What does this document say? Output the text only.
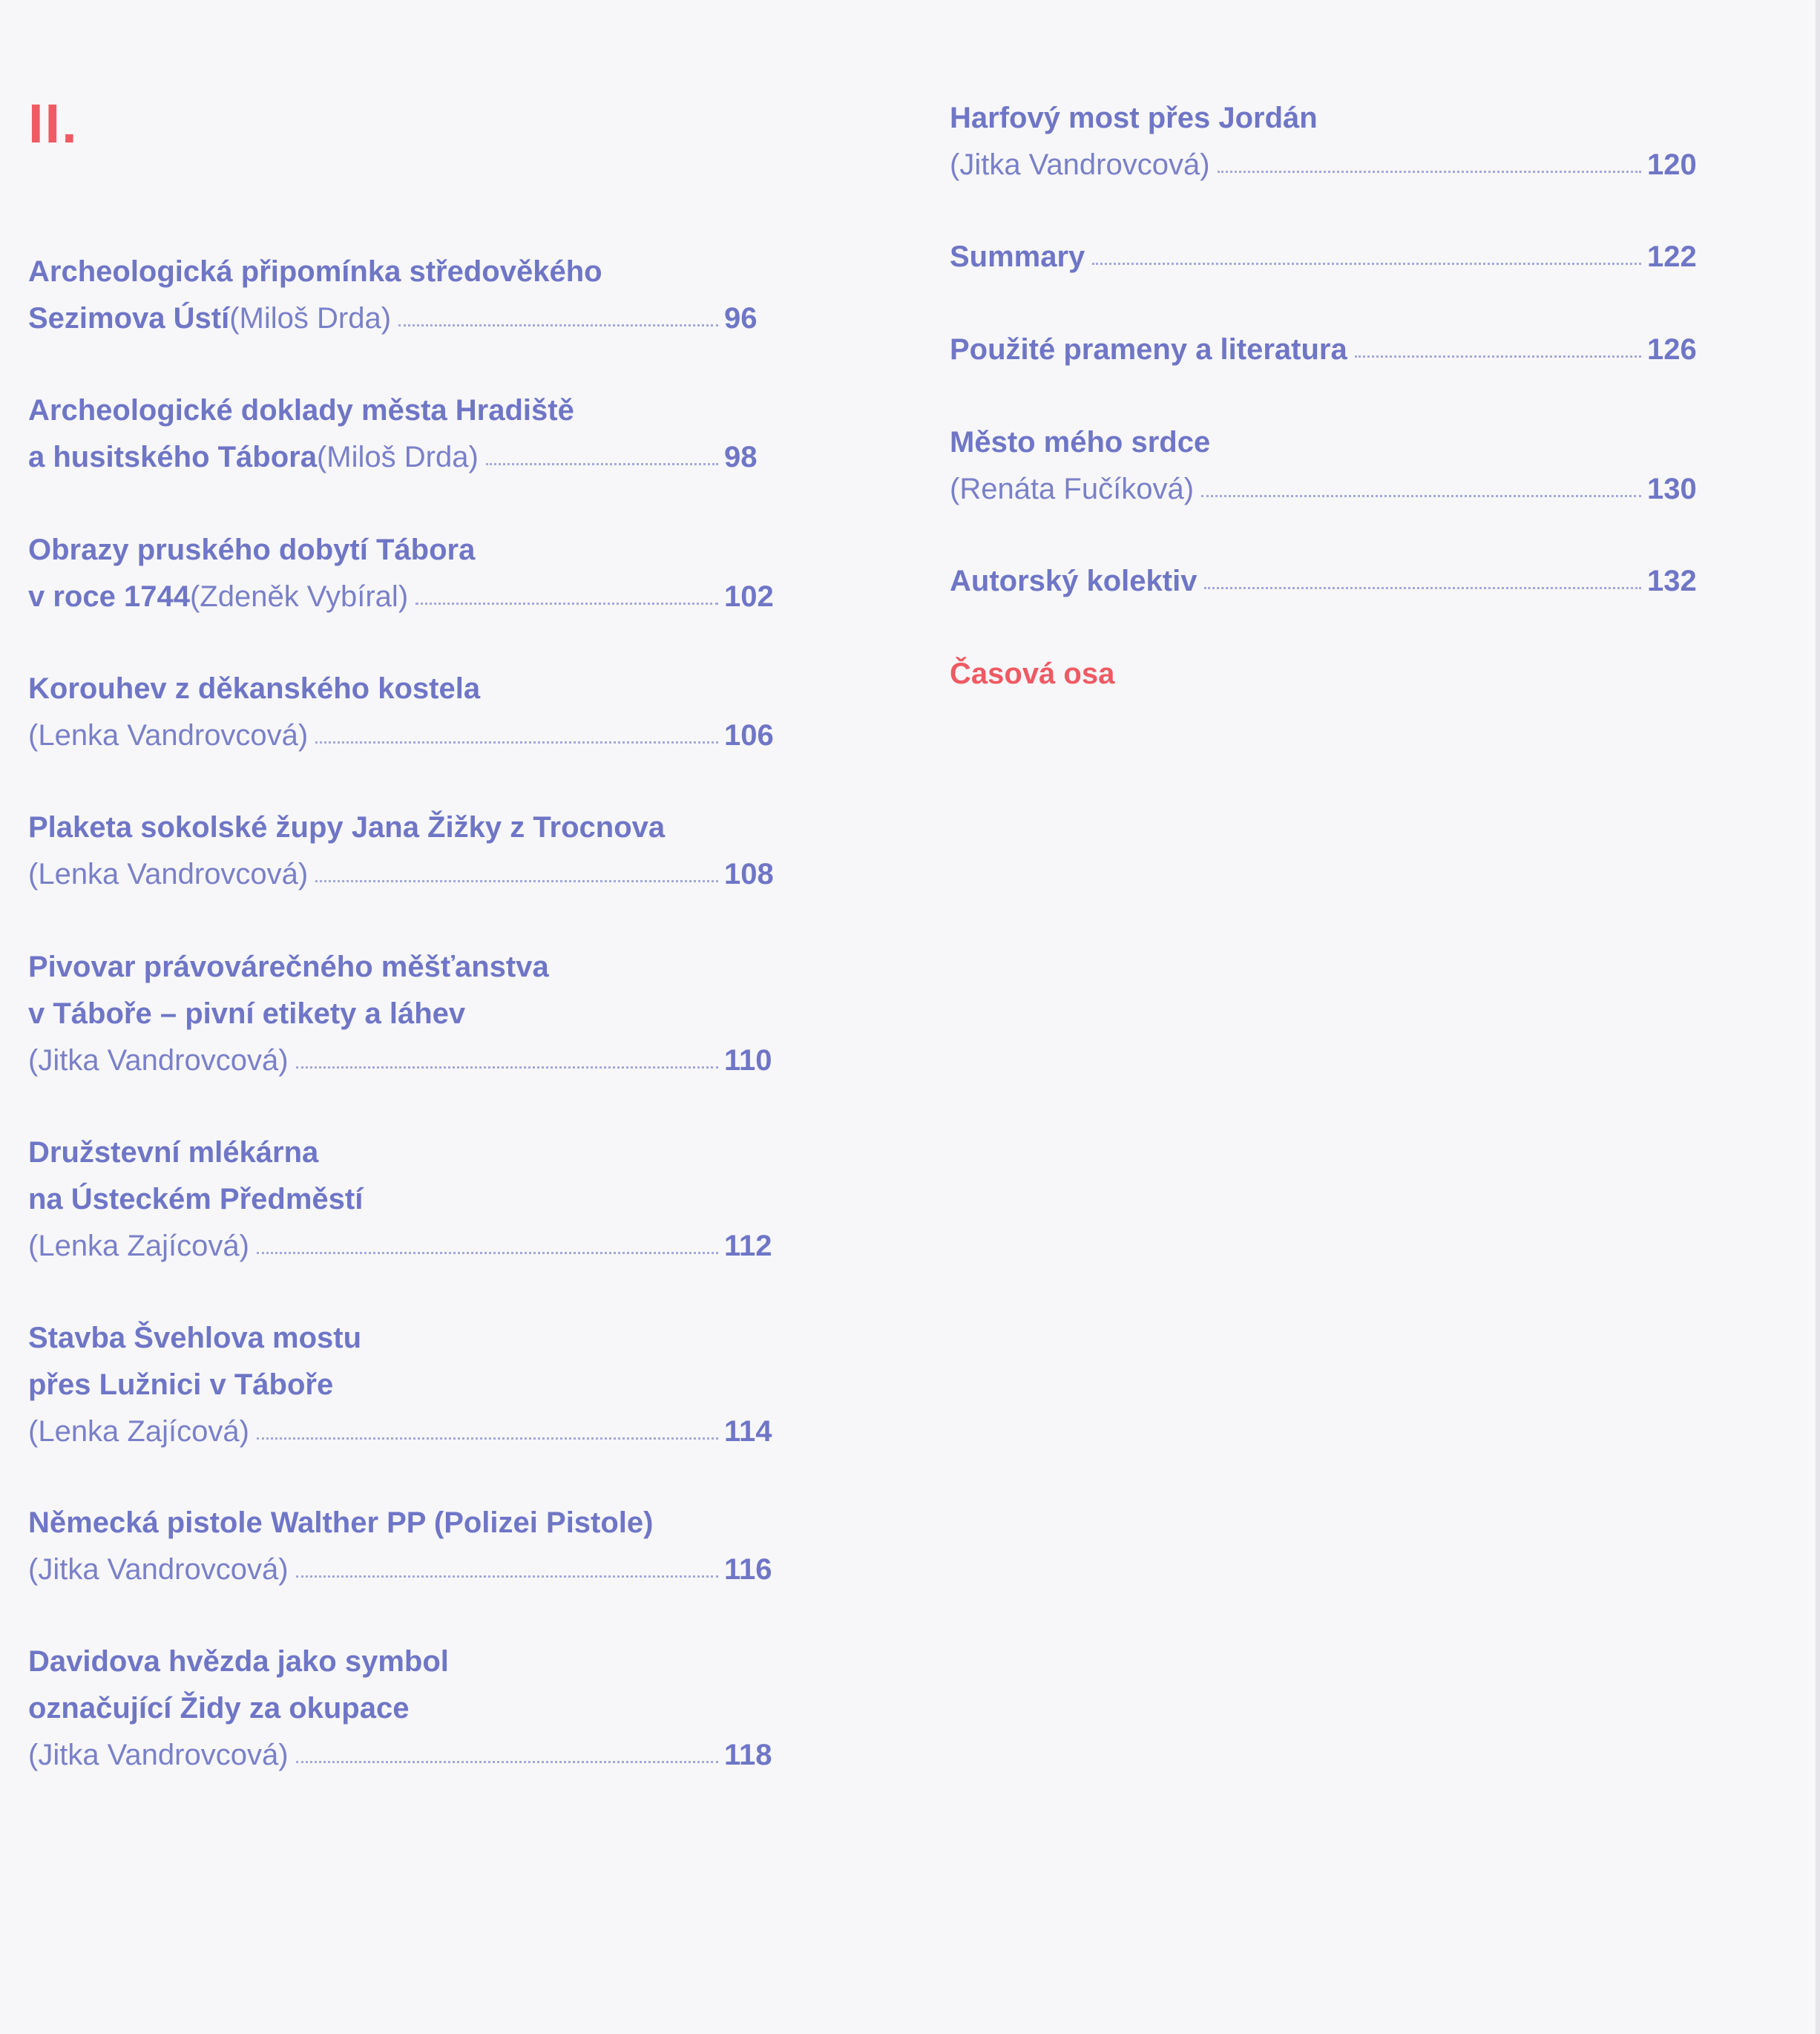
II.
Archeologická připomínka středověkého
Sezimova Ústí (Miloš Drda)	96
Archeologické doklady města Hradiště
a husitského Tábora (Miloš Drda)	98
Obrazy pruského dobytí Tábora
v roce 1744 (Zdeněk Vybíral)	102
Korouhev z děkanského kostela
(Lenka Vandrovcová)	106
Plaketa sokolské župy Jana Žižky z Trocnova
(Lenka Vandrovcová)	108
Pivovar právovárečného měšťanstva
v Táboře – pivní etikety a láhev
(Jitka Vandrovcová)	110
Družstevní mlékárna
na Ústeckém Předměstí
(Lenka Zajícová)	112
Stavba Švehlova mostu
přes Lužnici v Táboře
(Lenka Zajícová)	114
Německá pistole Walther PP (Polizei Pistole)
(Jitka Vandrovcová)	116
Davidova hvězda jako symbol
označující Židy za okupace
(Jitka Vandrovcová)	118
Harfový most přes Jordán
(Jitka Vandrovcová)	120
Summary	122
Použité prameny a literatura	126
Město mého srdce
(Renáta Fučíková)	130
Autorský kolektiv	132
Časová osa
